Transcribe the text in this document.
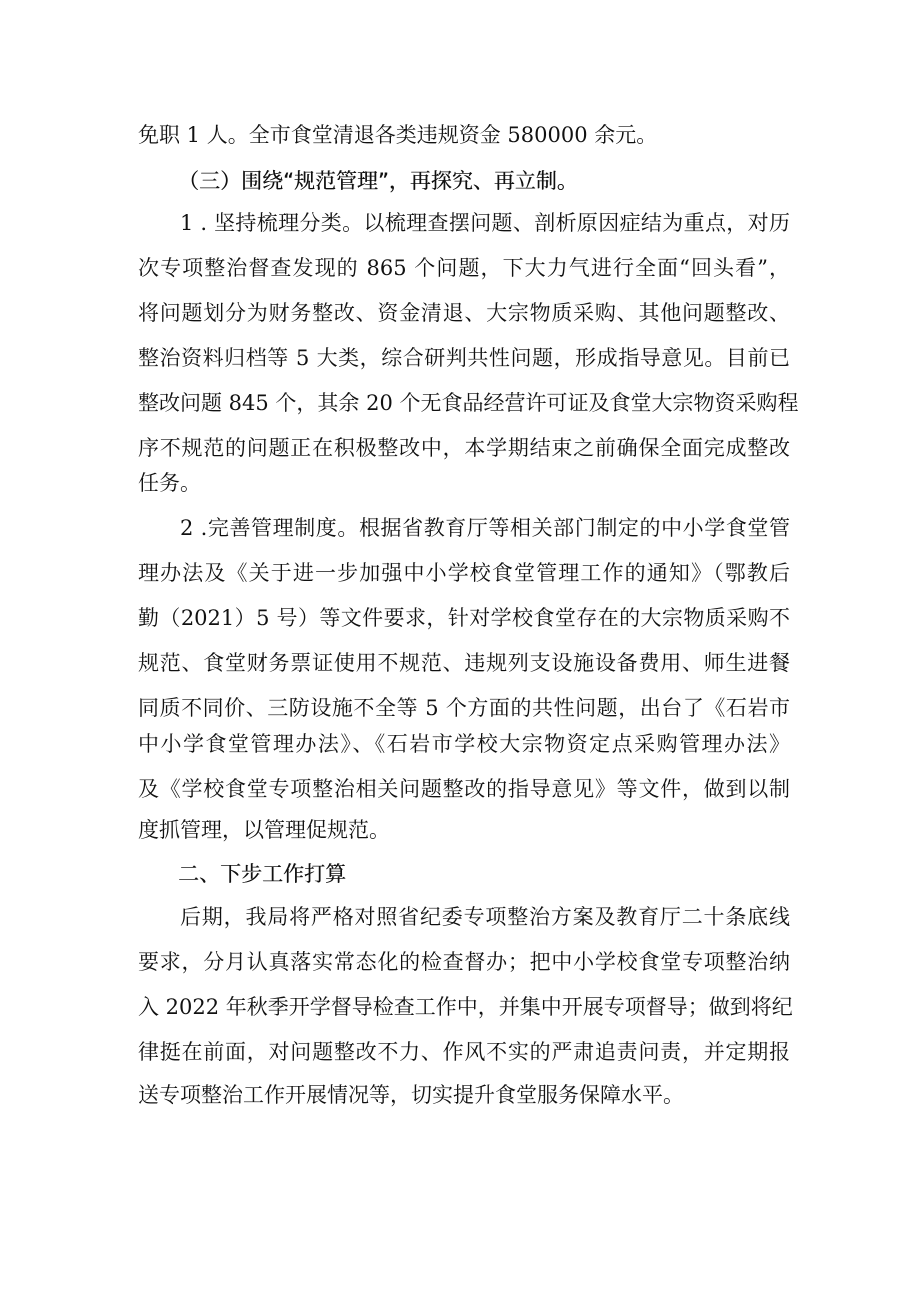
免职 1 人。全市食堂清退各类违规资金 580000 余元。
（三）围绕“规范管理”，再探究、再立制。
1 . 坚持梳理分类。以梳理查摆问题、剖析原因症结为重点，对历
次专项整治督查发现的 865 个问题，下大力气进行全面“回头看”，
将问题划分为财务整改、资金清退、大宗物质采购、其他问题整改、
整治资料归档等 5 大类，综合研判共性问题，形成指导意见。目前已
整改问题 845 个，其余 20 个无食品经营许可证及食堂大宗物资采购程
序不规范的问题正在积极整改中，本学期结束之前确保全面完成整改
任务。
2 .完善管理制度。根据省教育厅等相关部门制定的中小学食堂管
理办法及《关于进一步加强中小学校食堂管理工作的通知》（鄂教后
勤（2021）5 号）等文件要求，针对学校食堂存在的大宗物质采购不
规范、食堂财务票证使用不规范、违规列支设施设备费用、师生进餐
同质不同价、三防设施不全等 5 个方面的共性问题，出台了《石岩市
中小学食堂管理办法》、《石岩市学校大宗物资定点采购管理办法》
及《学校食堂专项整治相关问题整改的指导意见》等文件，做到以制
度抓管理，以管理促规范。
二、下步工作打算
后期，我局将严格对照省纪委专项整治方案及教育厅二十条底线
要求，分月认真落实常态化的检查督办；把中小学校食堂专项整治纳
入 2022 年秋季开学督导检查工作中，并集中开展专项督导；做到将纪
律挺在前面，对问题整改不力、作风不实的严肃追责问责，并定期报
送专项整治工作开展情况等，切实提升食堂服务保障水平。
